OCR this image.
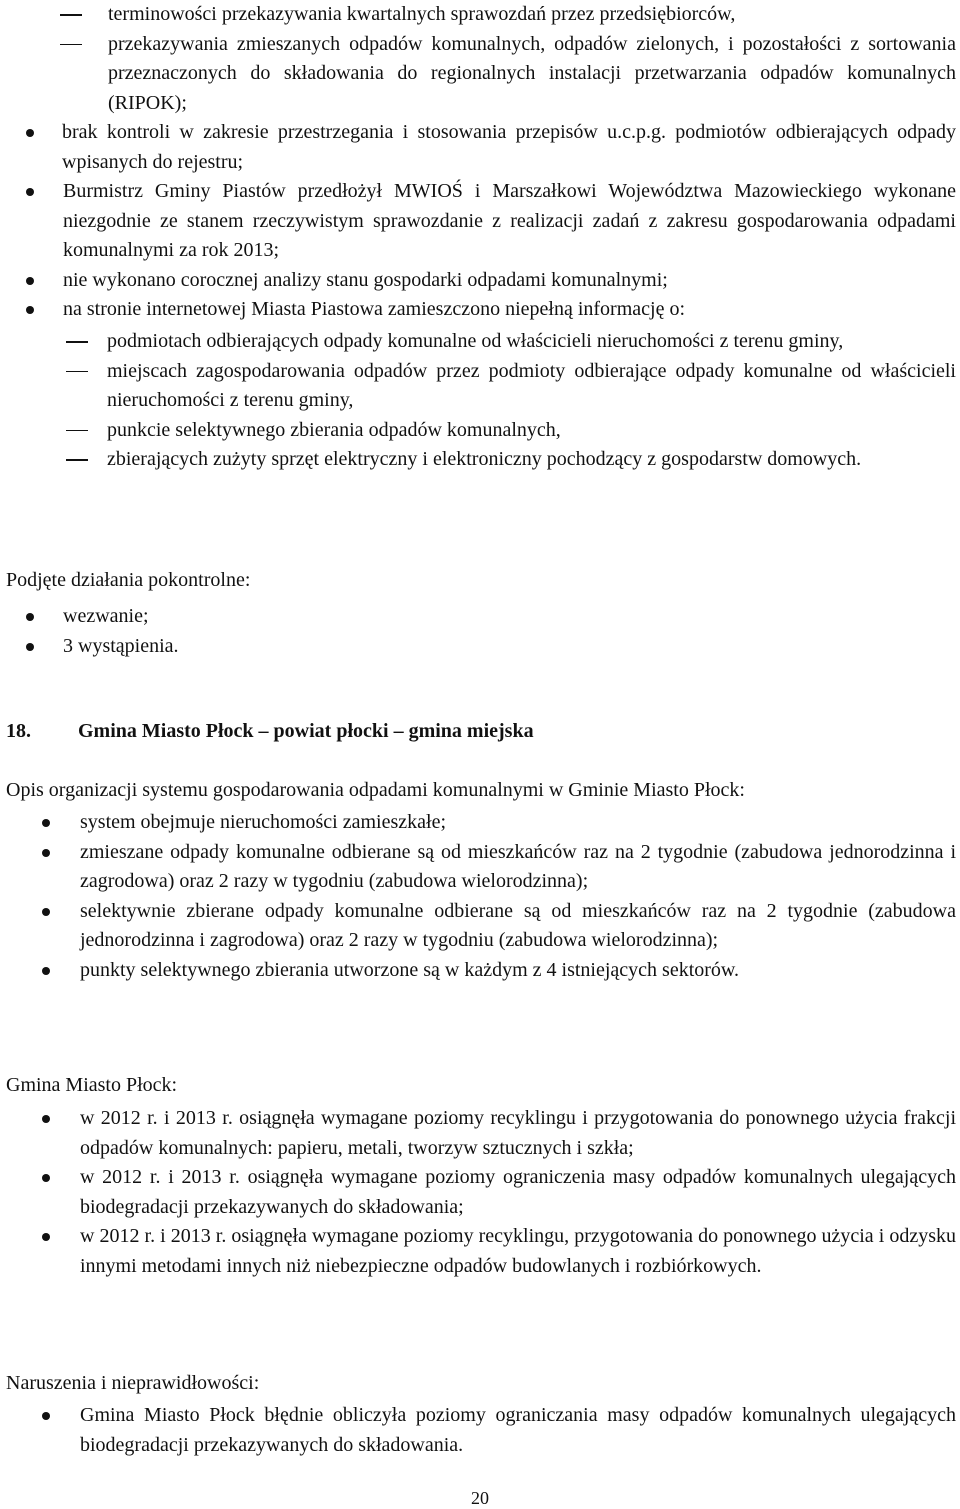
terminowości przekazywania kwartalnych sprawozdań przez przedsiębiorców,

przekazywania zmieszanych odpadów komunalnych, odpadów zielonych, i pozostałości z sortowania przeznaczonych do składowania do regionalnych instalacji przetwarzania odpadów komunalnych (RIPOK);

brak kontroli w zakresie przestrzegania i stosowania przepisów u.c.p.g. podmiotów odbierających odpady wpisanych do rejestru;

Burmistrz Gminy Piastów przedłożył MWIOŚ i Marszałkowi Województwa Mazowieckiego wykonane niezgodnie ze stanem rzeczywistym sprawozdanie z realizacji zadań z zakresu gospodarowania odpadami komunalnymi za rok 2013;

nie wykonano corocznej analizy stanu gospodarki odpadami komunalnymi;

na stronie internetowej Miasta Piastowa zamieszczono niepełną informację o:

podmiotach odbierających odpady komunalne od właścicieli nieruchomości z terenu gminy,

miejscach zagospodarowania odpadów przez podmioty odbierające odpady komunalne od właścicieli nieruchomości z terenu gminy,

punkcie selektywnego zbierania odpadów komunalnych,

zbierających zużyty sprzęt elektryczny i elektroniczny pochodzący z gospodarstw domowych.

Podjęte działania pokontrolne:

wezwanie;

3 wystąpienia.

18. Gmina Miasto Płock – powiat płocki – gmina miejska

Opis organizacji systemu gospodarowania odpadami komunalnymi w Gminie Miasto Płock:

system obejmuje nieruchomości zamieszkałe;

zmieszane odpady komunalne odbierane są od mieszkańców raz na 2 tygodnie (zabudowa jednorodzinna i zagrodowa) oraz 2 razy w tygodniu (zabudowa wielorodzinna);

selektywnie zbierane odpady komunalne odbierane są od mieszkańców raz na 2 tygodnie (zabudowa jednorodzinna i zagrodowa) oraz 2 razy w tygodniu (zabudowa wielorodzinna);

punkty selektywnego zbierania utworzone są w każdym z 4 istniejących sektorów.

Gmina Miasto Płock:

w 2012 r. i 2013 r. osiągnęła wymagane poziomy recyklingu i przygotowania do ponownego użycia frakcji odpadów komunalnych: papieru, metali, tworzyw sztucznych i szkła;

w 2012 r. i 2013 r. osiągnęła wymagane poziomy ograniczenia masy odpadów komunalnych ulegających biodegradacji przekazywanych do składowania;

w 2012 r. i 2013 r. osiągnęła wymagane poziomy recyklingu, przygotowania do ponownego użycia i odzysku innymi metodami innych niż niebezpieczne odpadów budowlanych i rozbiórkowych.

Naruszenia i nieprawidłowości:

Gmina Miasto Płock błędnie obliczyła poziomy ograniczania masy odpadów komunalnych ulegających biodegradacji przekazywanych do składowania.

20
